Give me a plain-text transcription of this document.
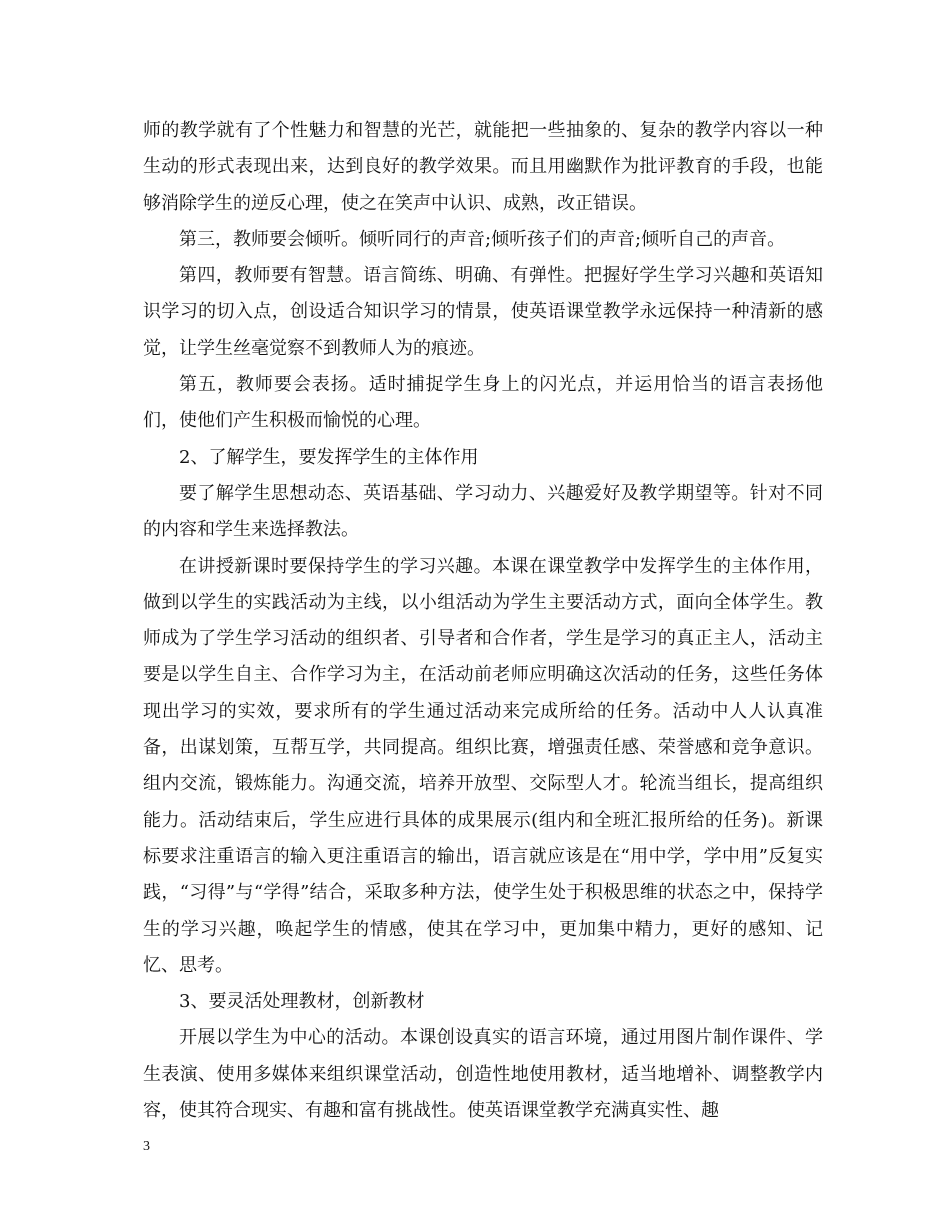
师的教学就有了个性魅力和智慧的光芒，就能把一些抽象的、复杂的教学内容以一种生动的形式表现出来，达到良好的教学效果。而且用幽默作为批评教育的手段，也能够消除学生的逆反心理，使之在笑声中认识、成熟，改正错误。

第三，教师要会倾听。倾听同行的声音;倾听孩子们的声音;倾听自己的声音。

第四，教师要有智慧。语言简练、明确、有弹性。把握好学生学习兴趣和英语知识学习的切入点，创设适合知识学习的情景，使英语课堂教学永远保持一种清新的感觉，让学生丝毫觉察不到教师人为的痕迹。

第五，教师要会表扬。适时捕捉学生身上的闪光点，并运用恰当的语言表扬他们，使他们产生积极而愉悦的心理。

2、了解学生，要发挥学生的主体作用

要了解学生思想动态、英语基础、学习动力、兴趣爱好及教学期望等。针对不同的内容和学生来选择教法。

在讲授新课时要保持学生的学习兴趣。本课在课堂教学中发挥学生的主体作用，做到以学生的实践活动为主线，以小组活动为学生主要活动方式，面向全体学生。教师成为了学生学习活动的组织者、引导者和合作者，学生是学习的真正主人，活动主要是以学生自主、合作学习为主，在活动前老师应明确这次活动的任务，这些任务体现出学习的实效，要求所有的学生通过活动来完成所给的任务。活动中人人认真准备，出谋划策，互帮互学，共同提高。组织比赛，增强责任感、荣誉感和竞争意识。组内交流，锻炼能力。沟通交流，培养开放型、交际型人才。轮流当组长，提高组织能力。活动结束后，学生应进行具体的成果展示(组内和全班汇报所给的任务)。新课标要求注重语言的输入更注重语言的输出，语言就应该是在“用中学，学中用”反复实践，“习得”与“学得”结合，采取多种方法，使学生处于积极思维的状态之中，保持学生的学习兴趣，唤起学生的情感，使其在学习中，更加集中精力，更好的感知、记忆、思考。

3、要灵活处理教材，创新教材

开展以学生为中心的活动。本课创设真实的语言环境，通过用图片制作课件、学生表演、使用多媒体来组织课堂活动，创造性地使用教材，适当地增补、调整教学内容，使其符合现实、有趣和富有挑战性。使英语课堂教学充满真实性、趣

3
